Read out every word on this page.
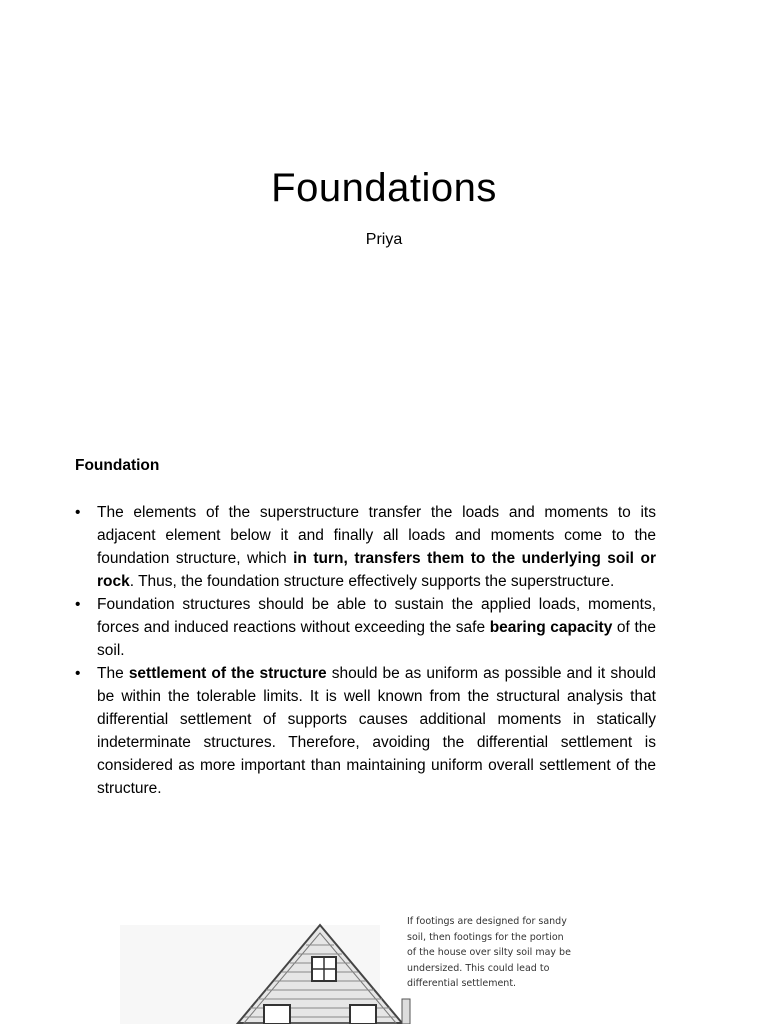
Foundations
Priya
Foundation
• The elements of the superstructure transfer the loads and moments to its adjacent element below it and finally all loads and moments come to the foundation structure, which in turn, transfers them to the underlying soil or rock. Thus, the foundation structure effectively supports the superstructure.
• Foundation structures should be able to sustain the applied loads, moments, forces and induced reactions without exceeding the safe bearing capacity of the soil.
• The settlement of the structure should be as uniform as possible and it should be within the tolerable limits. It is well known from the structural analysis that differential settlement of supports causes additional moments in statically indeterminate structures. Therefore, avoiding the differential settlement is considered as more important than maintaining uniform overall settlement of the structure.
If footings are designed for sandy soil, then footings for the portion of the house over silty soil may be undersized. This could lead to differential settlement.
